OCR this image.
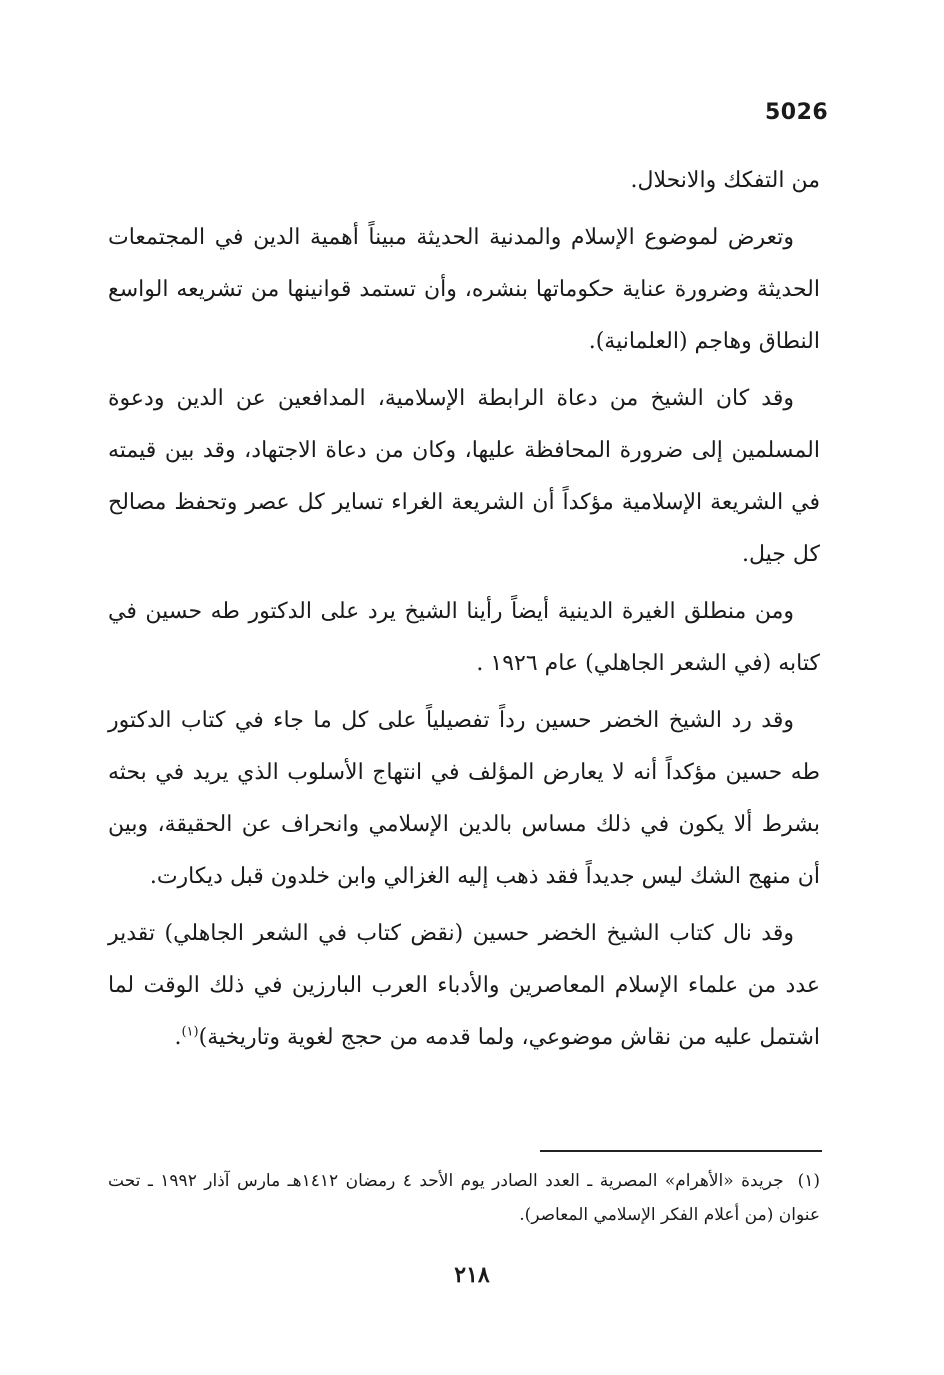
5026

من التفكك والانحلال.

وتعرض لموضوع الإسلام والمدنية الحديثة مبيناً أهمية الدين في المجتمعات الحديثة وضرورة عناية حكوماتها بنشره، وأن تستمد قوانينها من تشريعه الواسع النطاق وهاجم (العلمانية).

وقد كان الشيخ من دعاة الرابطة الإسلامية، المدافعين عن الدين ودعوة المسلمين إلى ضرورة المحافظة عليها، وكان من دعاة الاجتهاد، وقد بين قيمته في الشريعة الإسلامية مؤكداً أن الشريعة الغراء تساير كل عصر وتحفظ مصالح كل جيل.

ومن منطلق الغيرة الدينية أيضاً رأينا الشيخ يرد على الدكتور طه حسين في كتابه (في الشعر الجاهلي) عام ١٩٢٦ .

وقد رد الشيخ الخضر حسين رداً تفصيلياً على كل ما جاء في كتاب الدكتور طه حسين مؤكداً أنه لا يعارض المؤلف في انتهاج الأسلوب الذي يريد في بحثه بشرط ألا يكون في ذلك مساس بالدين الإسلامي وانحراف عن الحقيقة، وبين أن منهج الشك ليس جديداً فقد ذهب إليه الغزالي وابن خلدون قبل ديكارت.

وقد نال كتاب الشيخ الخضر حسين (نقض كتاب في الشعر الجاهلي) تقدير عدد من علماء الإسلام المعاصرين والأدباء العرب البارزين في ذلك الوقت لما اشتمل عليه من نقاش موضوعي، ولما قدمه من حجج لغوية وتاريخية)$^{(١)}$.

(١)جريدة «الأهرام» المصرية ـ العدد الصادر يوم الأحد ٤ رمضان ١٤١٢هـ مارس آذار ١٩٩٢ ـ تحت عنوان (من أعلام الفكر الإسلامي المعاصر).
٢١٨
